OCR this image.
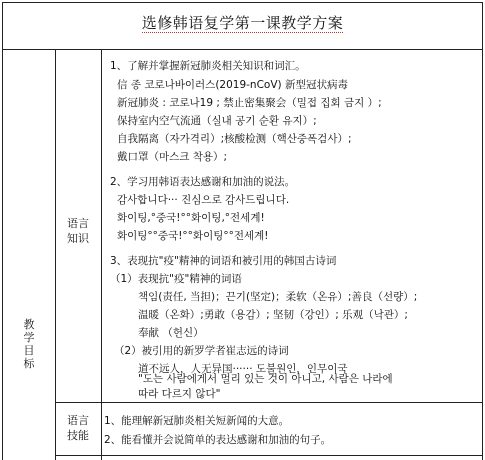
选修韩语复学第一课教学方案
教学目标
语言知识
1、了解并掌握新冠肺炎相关知识和词汇。
信 종 코로나바이러스(2019-nCoV) 新型冠状病毒
新冠肺炎 : 코로나19 ; 禁止密集聚会（밀접 집회 금지 ）;
保持室内空气流通（실내 공기 순환 유지）;
自我隔离（자가격리）;核酸检测（핵산중폭검사）;
戴口罩（마스크 착용）;
2、学习用韩语表达感谢和加油的说法。
감사합니다··· 진심으로 감사드립니다.
화이팅,°중국!°°화이팅,°전세계!
화이팅°°중국!°°화이팅°°전세계!
3、表现抗"疫"精神的词语和被引用的韩国古诗词
（1）表现抗"疫"精神的词语
책임(责任, 当担)；끈기(坚定)；柔软（온유）;善良（선량）;
温暖（온화）;勇敢（용감）; 坚韧（강인）; 乐观（낙관）;
奉献 （헌신）
（2）被引用的新罗学者崔志远的诗词
道不远人，人无异国······ 도불원인，인무이국
"도는 사람에게서 멀리 있는 것이 아니고, 사람은 나라에
따라 다르지 않다"
语言技能
1、能理解新冠肺炎相关短新闻的大意。
2、能看懂并会说简单的表达感谢和加油的句子。
